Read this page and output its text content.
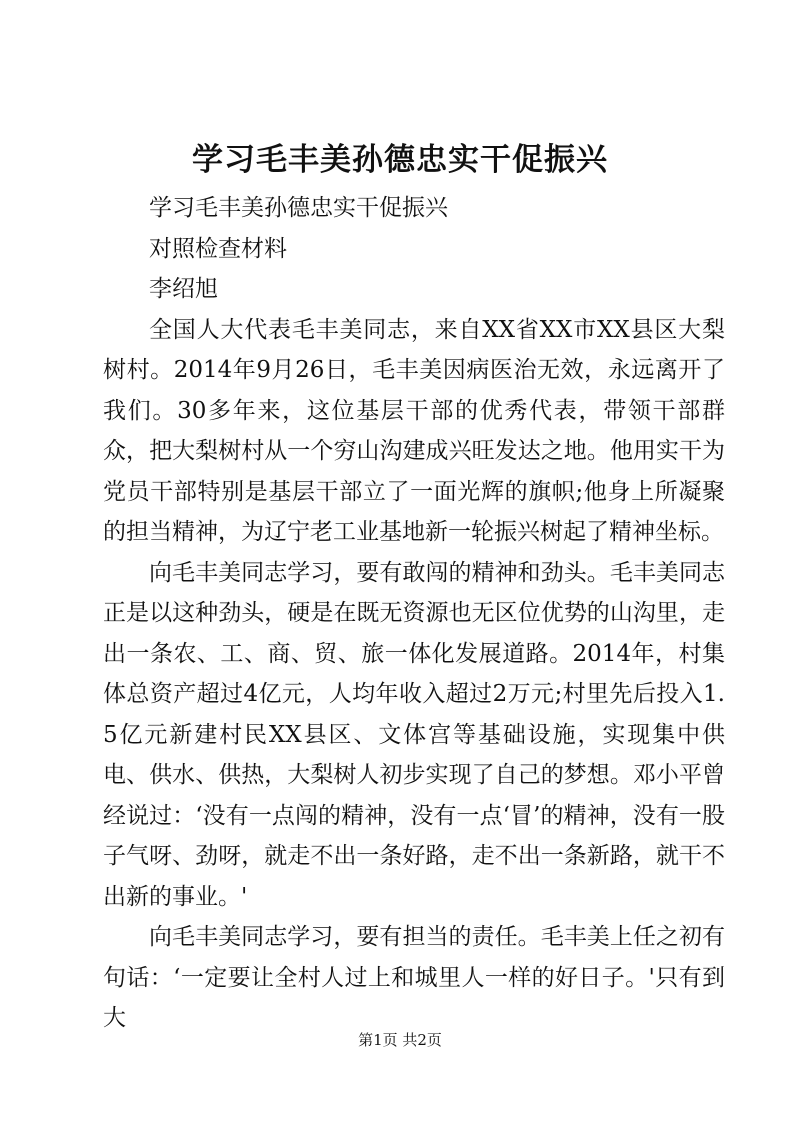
学习毛丰美孙德忠实干促振兴

学习毛丰美孙德忠实干促振兴

对照检查材料

李绍旭

全国人大代表毛丰美同志，来自XX省XX市XX县区大梨树村。2014年9月26日，毛丰美因病医治无效，永远离开了我们。30多年来，这位基层干部的优秀代表，带领干部群众，把大梨树村从一个穷山沟建成兴旺发达之地。他用实干为党员干部特别是基层干部立了一面光辉的旗帜;他身上所凝聚的担当精神，为辽宁老工业基地新一轮振兴树起了精神坐标。

向毛丰美同志学习，要有敢闯的精神和劲头。毛丰美同志正是以这种劲头，硬是在既无资源也无区位优势的山沟里，走出一条农、工、商、贸、旅一体化发展道路。2014年，村集体总资产超过4亿元，人均年收入超过2万元;村里先后投入1.5亿元新建村民XX县区、文体宫等基础设施，实现集中供电、供水、供热，大梨树人初步实现了自己的梦想。邓小平曾经说过：‘没有一点闯的精神，没有一点‘冒’的精神，没有一股子气呀、劲呀，就走不出一条好路，走不出一条新路，就干不出新的事业。'

向毛丰美同志学习，要有担当的责任。毛丰美上任之初有句话：‘一定要让全村人过上和城里人一样的好日子。'只有到大

第1页 共2页
